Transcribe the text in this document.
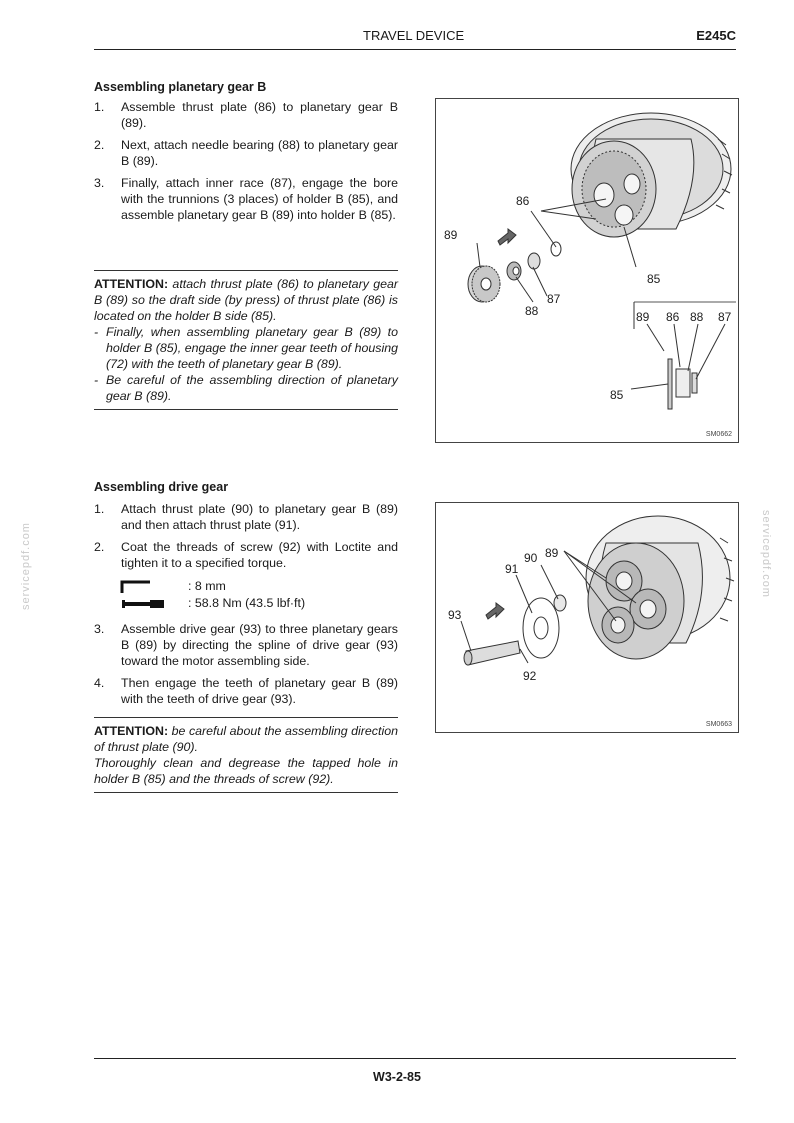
TRAVEL DEVICE	E245C
Assembling planetary gear B
1. Assemble thrust plate (86) to planetary gear B (89).
2. Next, attach needle bearing (88) to planetary gear B (89).
3. Finally, attach inner race (87), engage the bore with the trunnions (3 places) of holder B (85), and assemble planetary gear B (89) into holder B (85).
ATTENTION: attach thrust plate (86) to planetary gear B (89) so the draft side (by press) of thrust plate (86) is located on the holder B side (85).
- Finally, when assembling planetary gear B (89) to holder B (85), engage the inner gear teeth of housing (72) with the teeth of planetary gear B (89).
- Be careful of the assembling direction of planetary gear B (89).
86
89
85
88
87
89 86 88 87
85
SM0662
Assembling drive gear
1. Attach thrust plate (90) to planetary gear B (89) and then attach thrust plate (91).
2. Coat the threads of screw (92) with Loctite and tighten it to a specified torque.
: 8 mm
: 58.8 Nm (43.5 lbf·ft)
3. Assemble drive gear (93) to three planetary gears B (89) by directing the spline of drive gear (93) toward the motor assembling side.
4. Then engage the teeth of planetary gear B (89) with the teeth of drive gear (93).
ATTENTION: be careful about the assembling direction of thrust plate (90).
Thoroughly clean and degrease the tapped hole in holder B (85) and the threads of screw (92).
89
90
91
93
92
SM0663
servicepdf.com	servicepdf.com
W3-2-85
